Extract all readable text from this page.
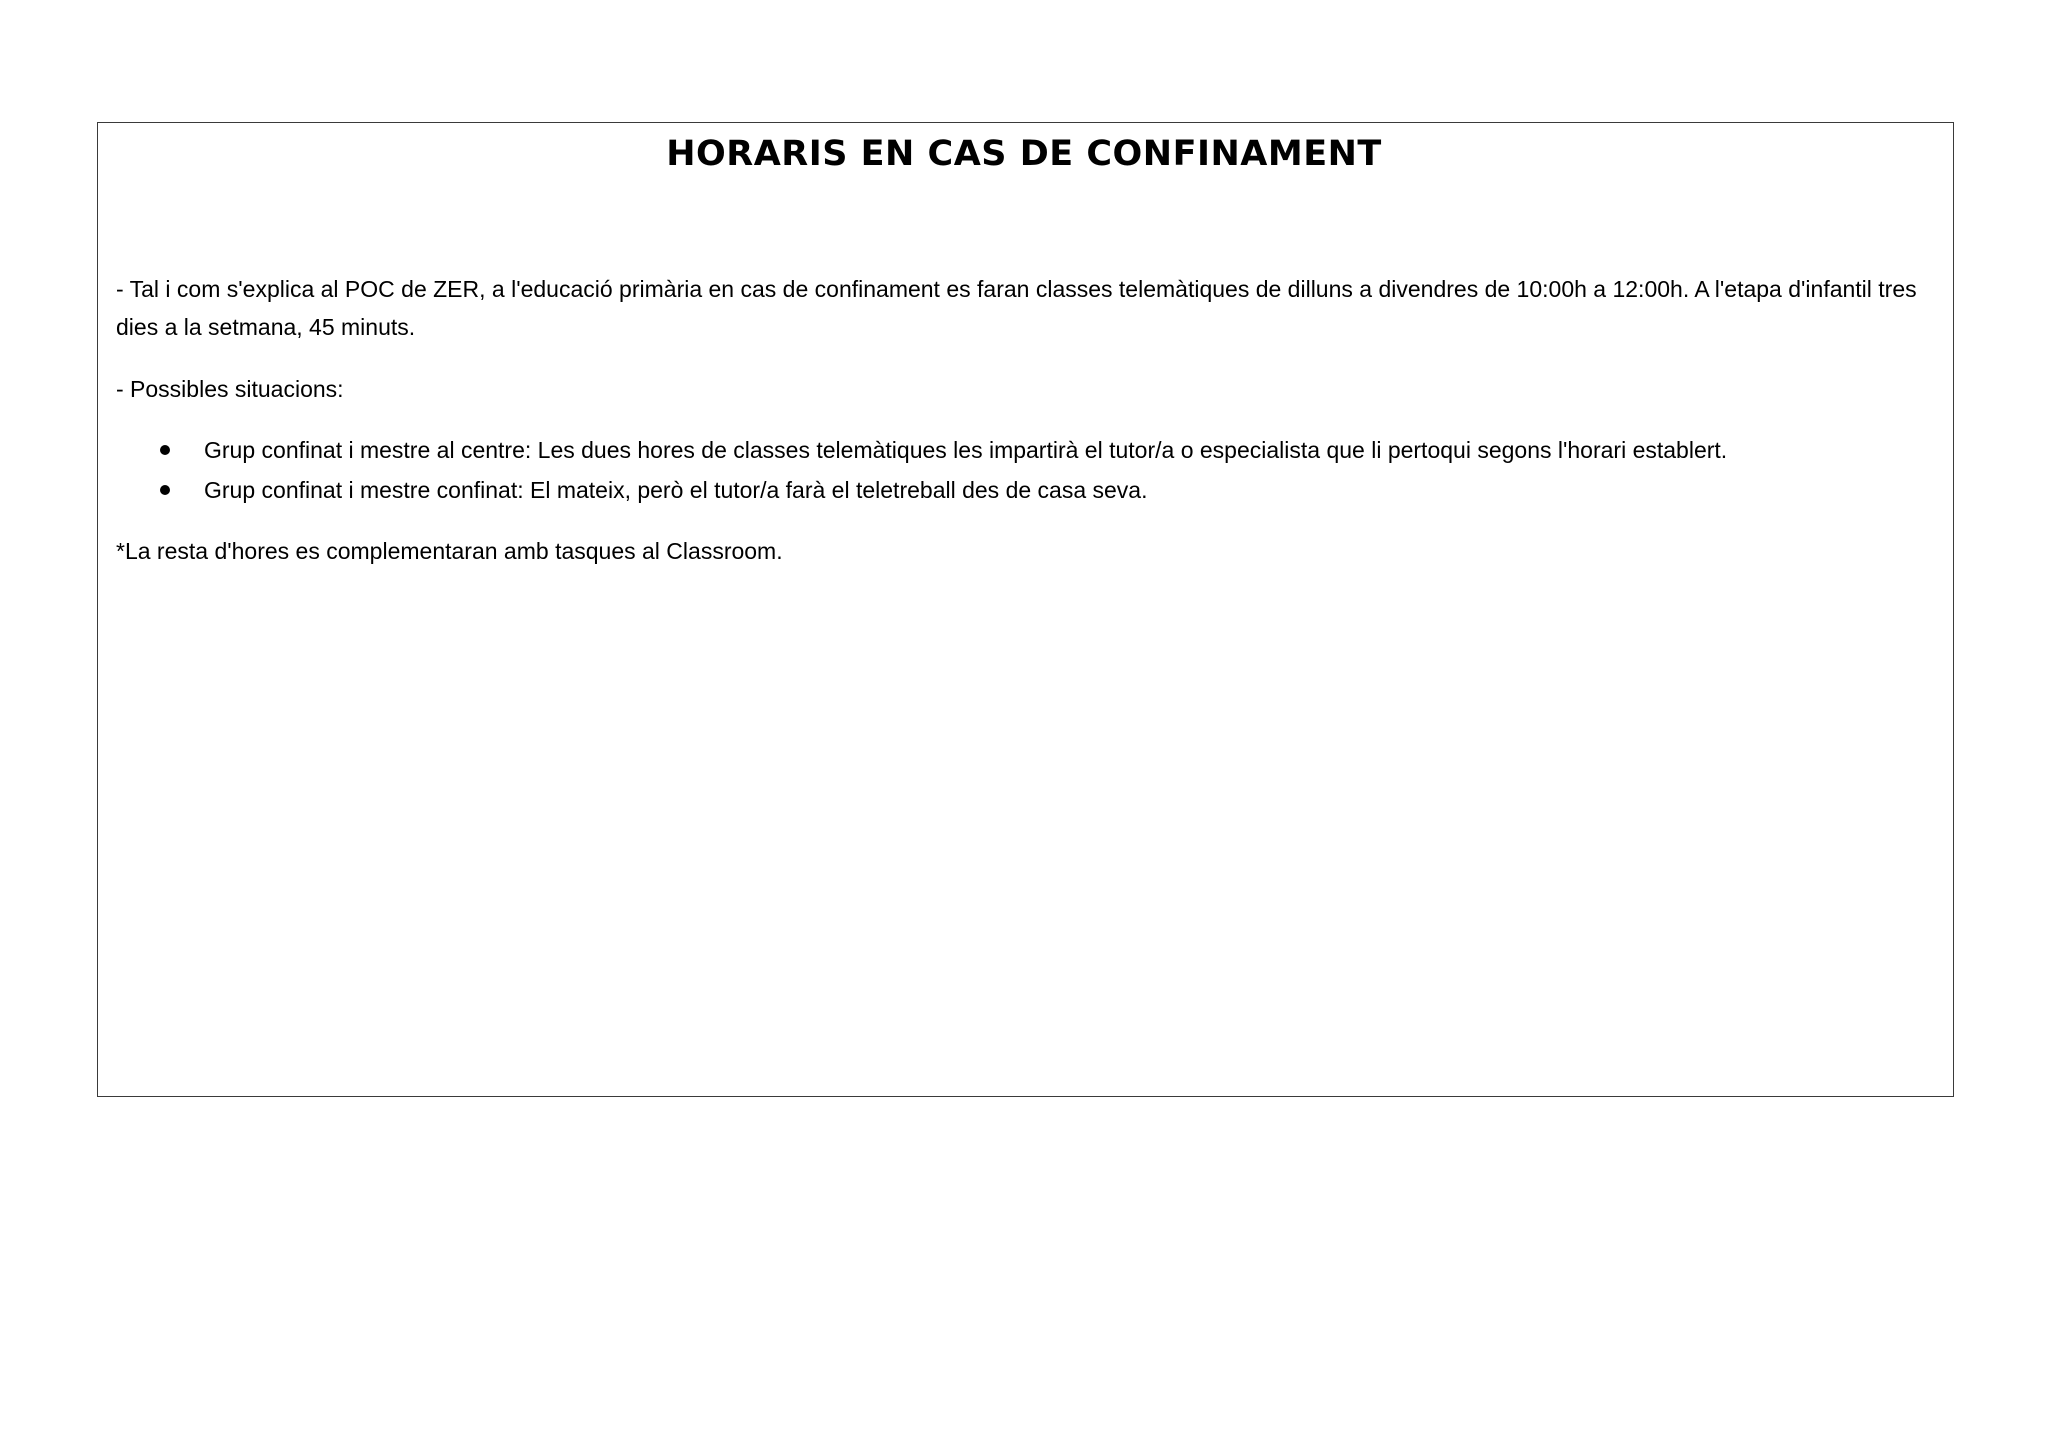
HORARIS EN CAS DE CONFINAMENT

- Tal i com s'explica al POC de ZER, a l'educació primària en cas de confinament es faran classes telemàtiques de dilluns a divendres de 10:00h a 12:00h. A l'etapa d'infantil tres dies a la setmana, 45 minuts.

- Possibles situacions:

Grup confinat i mestre al centre: Les dues hores de classes telemàtiques les impartirà el tutor/a o especialista que li pertoqui segons l'horari establert.
Grup confinat i mestre confinat: El mateix, però el tutor/a farà el teletreball des de casa seva.

*La resta d'hores es complementaran amb tasques al Classroom.
